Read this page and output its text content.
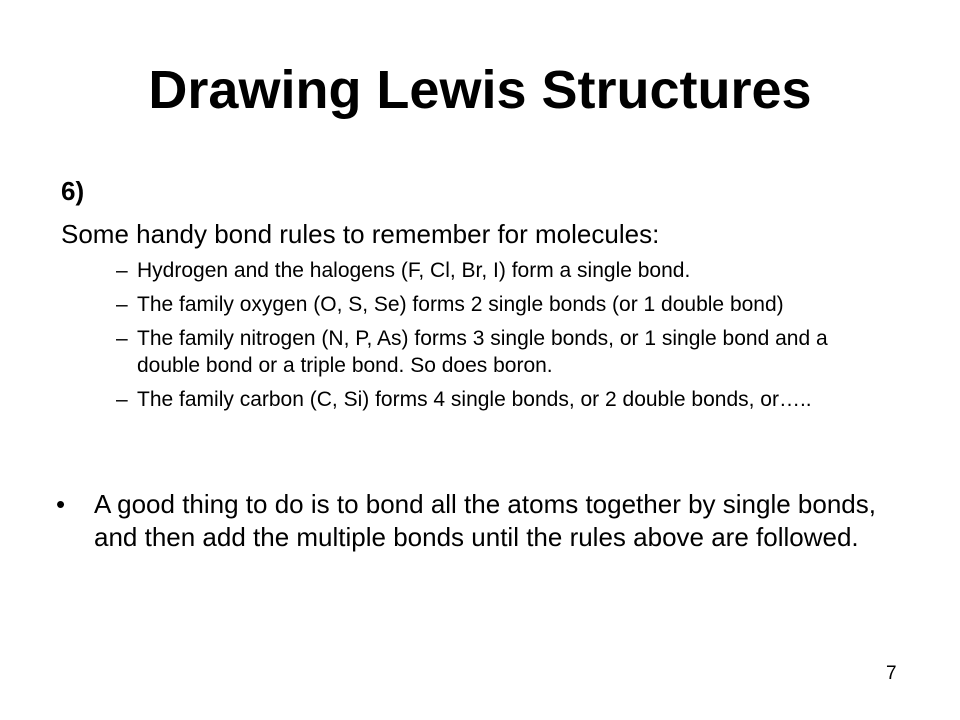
Drawing Lewis Structures
6)
Some handy bond rules to remember for molecules:
– Hydrogen and the halogens (F, Cl, Br, I) form a single bond.
– The family oxygen (O, S, Se) forms 2 single bonds (or 1 double bond)
– The family nitrogen (N, P, As) forms 3 single bonds, or 1 single bond and a double bond or a triple bond. So does boron.
– The family carbon (C, Si) forms 4 single bonds, or 2 double bonds, or…..
•	A good thing to do is to bond all the atoms together by single bonds, and then add the multiple bonds until the rules above are followed.
7
